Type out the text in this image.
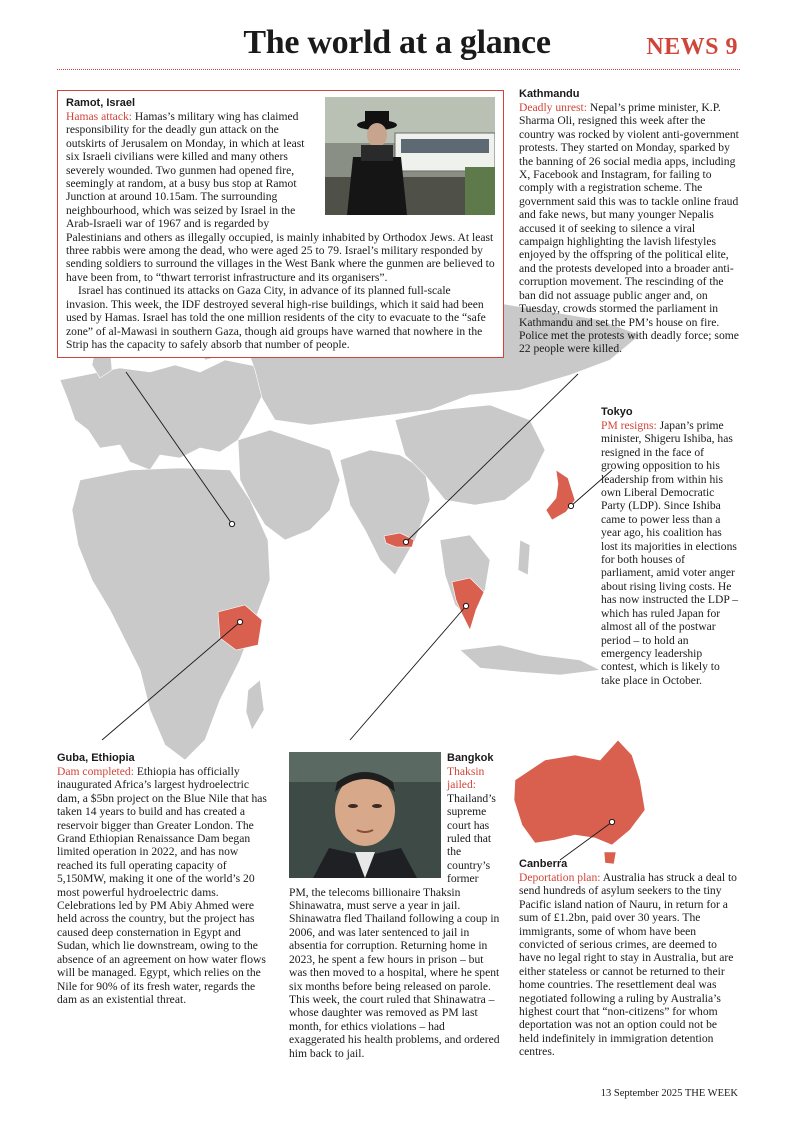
The world at a glance	NEWS 9

Ramot, Israel

Hamas attack: Hamas’s military wing has claimed responsibility for the deadly gun attack on the outskirts of Jerusalem on Monday, in which at least six Israeli civilians were killed and many others severely wounded. Two gunmen had opened fire, seemingly at random, at a busy bus stop at Ramot Junction at around 10.15am. The surrounding neighbourhood, which was seized by Israel in the Arab-Israeli war of 1967 and is regarded by Palestinians and others as illegally occupied, is mainly inhabited by Orthodox Jews. At least three rabbis were among the dead, who were aged 25 to 79. Israel’s military responded by sending soldiers to surround the villages in the West Bank where the gunmen are believed to have been from, to “thwart terrorist infrastructure and its organisers”.

Israel has continued its attacks on Gaza City, in advance of its planned full-scale invasion. This week, the IDF destroyed several high-rise buildings, which it said had been used by Hamas. Israel has told the one million residents of the city to evacuate to the “safe zone” of al-Mawasi in southern Gaza, though aid groups have warned that nowhere in the Strip has the capacity to safely absorb that number of people.

Kathmandu

Deadly unrest: Nepal’s prime minister, K.P. Sharma Oli, resigned this week after the country was rocked by violent anti-government protests. They started on Monday, sparked by the banning of 26 social media apps, including X, Facebook and Instagram, for failing to comply with a registration scheme. The government said this was to tackle online fraud and fake news, but many younger Nepalis accused it of seeking to silence a viral campaign highlighting the lavish lifestyles enjoyed by the offspring of the political elite, and the protests developed into a broader anti-corruption movement. The rescinding of the ban did not assuage public anger and, on Tuesday, crowds stormed the parliament in Kathmandu and set the PM’s house on fire. Police met the protests with deadly force; some 22 people were killed.

Tokyo

PM resigns: Japan’s prime minister, Shigeru Ishiba, has resigned in the face of growing opposition to his leadership from within his own Liberal Democratic Party (LDP). Since Ishiba came to power less than a year ago, his coalition has lost its majorities in elections for both houses of parliament, amid voter anger about rising living costs. He has now instructed the LDP – which has ruled Japan for almost all of the postwar period – to hold an emergency leadership contest, which is likely to take place in October.

Guba, Ethiopia

Dam completed: Ethiopia has officially inaugurated Africa’s largest hydroelectric dam, a $5bn project on the Blue Nile that has taken 14 years to build and has created a reservoir bigger than Greater London. The Grand Ethiopian Renaissance Dam began limited operation in 2022, and has now reached its full operating capacity of 5,150MW, making it one of the world’s 20 most powerful hydroelectric dams. Celebrations led by PM Abiy Ahmed were held across the country, but the project has caused deep consternation in Egypt and Sudan, which lie downstream, owing to the absence of an agreement on how water flows will be managed. Egypt, which relies on the Nile for 90% of its fresh water, regards the dam as an existential threat.

Bangkok

Thaksin jailed: Thailand’s supreme court has ruled that the country’s former PM, the telecoms billionaire Thaksin Shinawatra, must serve a year in jail. Shinawatra fled Thailand following a coup in 2006, and was later sentenced to jail in absentia for corruption. Returning home in 2023, he spent a few hours in prison – but was then moved to a hospital, where he spent six months before being released on parole. This week, the court ruled that Shinawatra – whose daughter was removed as PM last month, for ethics violations – had exaggerated his health problems, and ordered him back to jail.

Canberra

Deportation plan: Australia has struck a deal to send hundreds of asylum seekers to the tiny Pacific island nation of Nauru, in return for a sum of £1.2bn, paid over 30 years. The immigrants, some of whom have been convicted of serious crimes, are deemed to have no legal right to stay in Australia, but are either stateless or cannot be returned to their home countries. The resettlement deal was negotiated following a ruling by Australia’s highest court that “non-citizens” for whom deportation was not an option could not be held indefinitely in immigration detention centres.

13 September 2025 THE WEEK
